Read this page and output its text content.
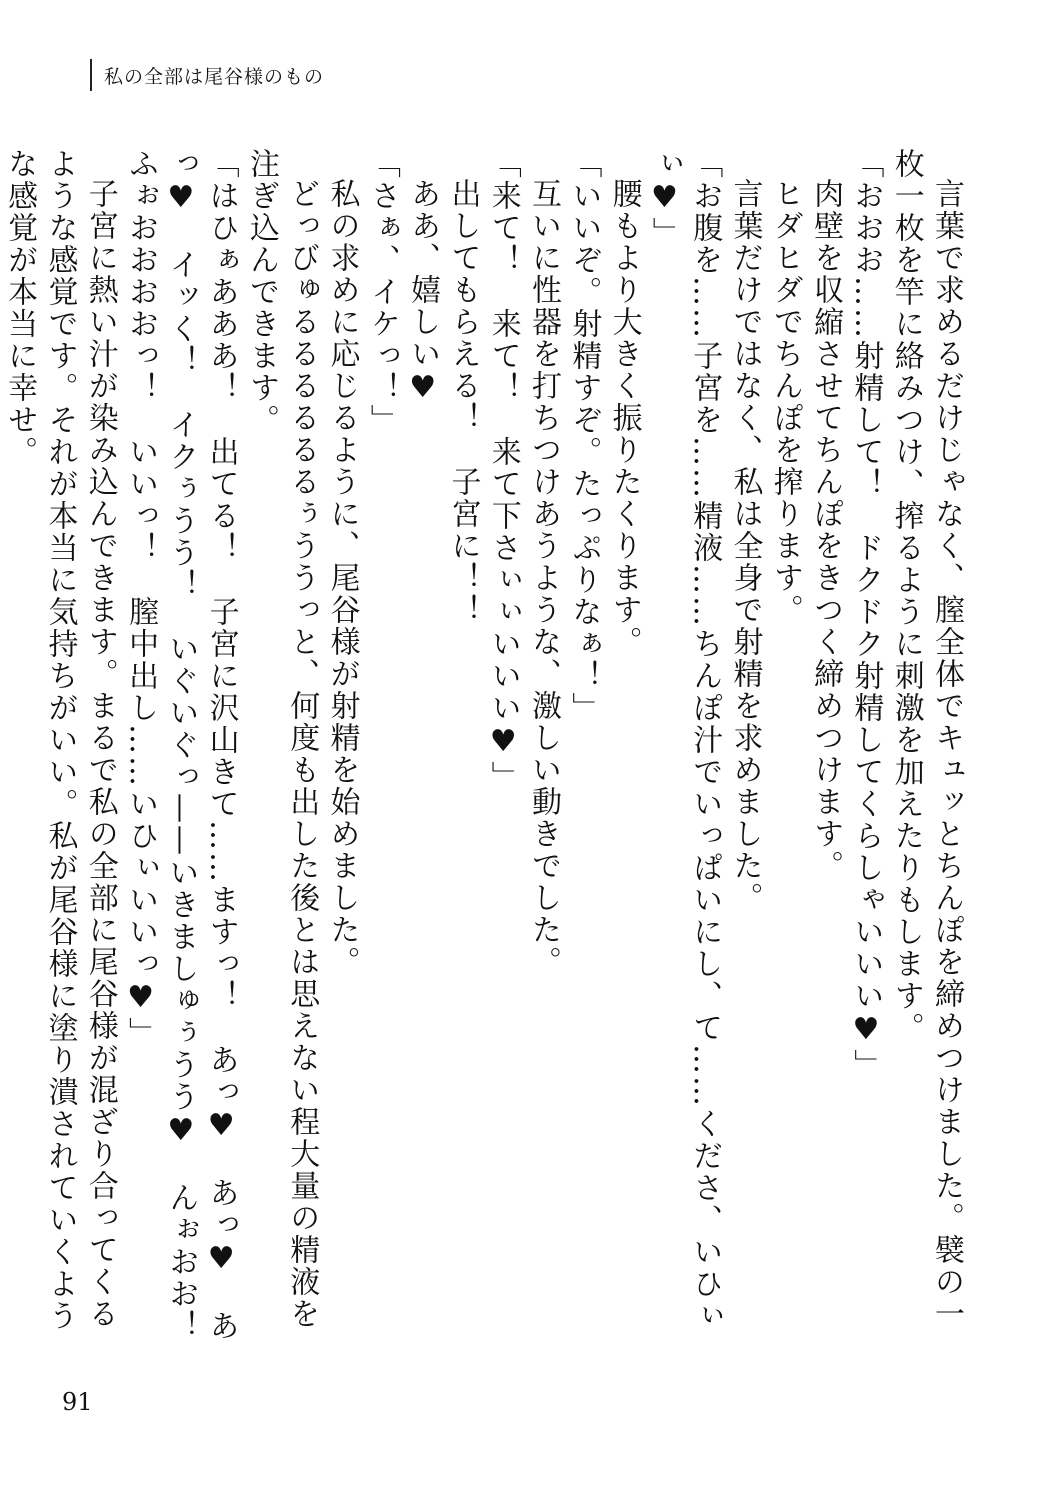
私の全部は尾谷様のもの

言葉で求めるだけじゃなく、膣全体でキュッとちんぽを締めつけました。襞の一枚一枚を竿に絡みつけ、搾るように刺激を加えたりもします。

「おおお……射精して！　ドクドク射精してくらしゃいいい♥」

肉壁を収縮させてちんぽをきつく締めつけます。

ヒダヒダでちんぽを搾ります。

言葉だけではなく、私は全身で射精を求めました。

「お腹を……子宮を……精液……ちんぽ汁でいっぱいにし、て……くださ、いひぃぃ♥」

腰もより大きく振りたくります。

「いいぞ。射精すぞ。たっぷりなぁ！」

互いに性器を打ちつけあうような、激しい動きでした。

「来て！　来て！　来て下さぃぃいいい♥」

出してもらえる！　子宮に！！

ああ、嬉しい♥

「さぁ、イケっ！」

私の求めに応じるように、尾谷様が射精を始めました。

どっびゅるるるるるるぅううっと、何度も出した後とは思えない程大量の精液を注ぎ込んできます。

「はひぁあああ！　出てる！　子宮に沢山きて……ますっ！　あっ♥　あっ♥　あっ♥　イッく！　イクぅうう！　いぐいぐっ——いきましゅぅうう♥　んぉおお！　ふぉおおおおっ！　いいっ！　膣中出し……いひぃいいっ♥」

子宮に熱い汁が染み込んできます。まるで私の全部に尾谷様が混ざり合ってくるような感覚です。それが本当に気持ちがいい。私が尾谷様に塗り潰されていくような感覚が本当に幸せ。

91
